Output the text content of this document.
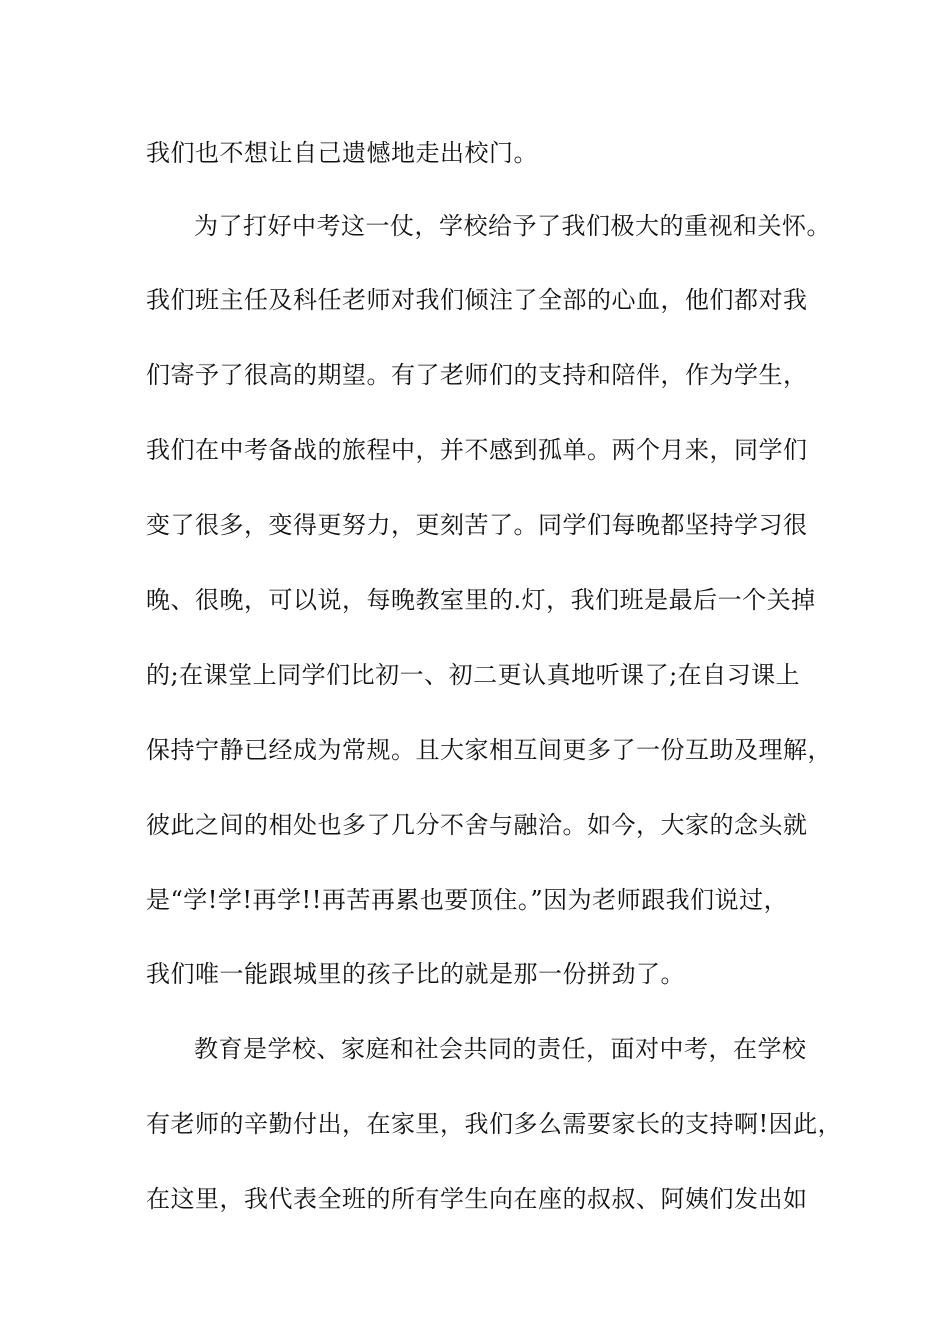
我们也不想让自己遗憾地走出校门。
为了打好中考这一仗，学校给予了我们极大的重视和关怀。
我们班主任及科任老师对我们倾注了全部的心血，他们都对我
们寄予了很高的期望。有了老师们的支持和陪伴，作为学生，
我们在中考备战的旅程中，并不感到孤单。两个月来，同学们
变了很多，变得更努力，更刻苦了。同学们每晚都坚持学习很
晚、很晚，可以说，每晚教室里的.灯，我们班是最后一个关掉
的;在课堂上同学们比初一、初二更认真地听课了;在自习课上
保持宁静已经成为常规。且大家相互间更多了一份互助及理解，
彼此之间的相处也多了几分不舍与融洽。如今，大家的念头就
是“学!学!再学!!再苦再累也要顶住。”因为老师跟我们说过，
我们唯一能跟城里的孩子比的就是那一份拼劲了。
教育是学校、家庭和社会共同的责任，面对中考，在学校
有老师的辛勤付出，在家里，我们多么需要家长的支持啊!因此，
在这里，我代表全班的所有学生向在座的叔叔、阿姨们发出如
